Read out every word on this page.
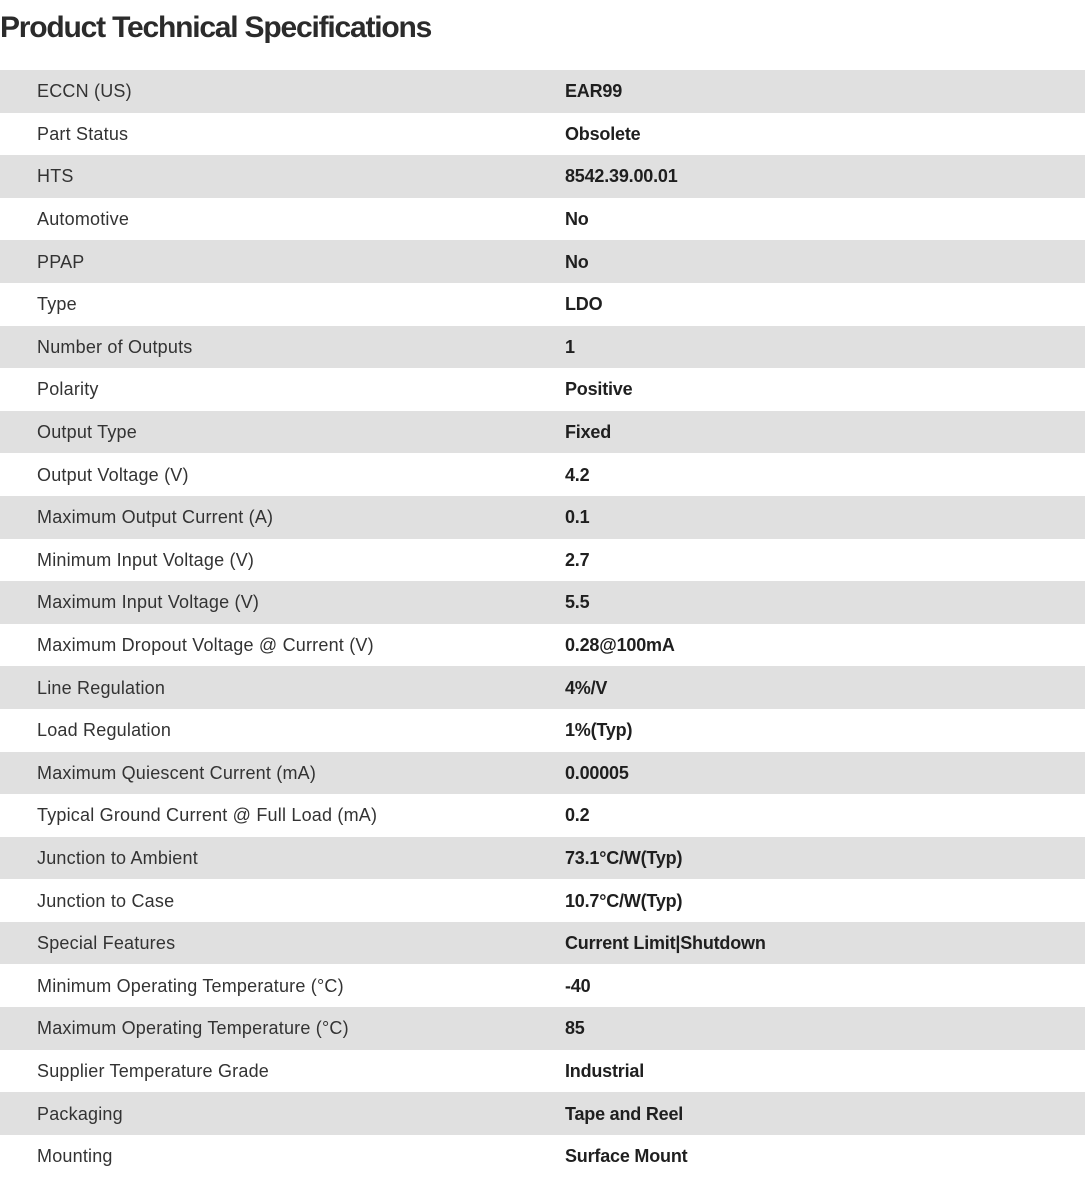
Product Technical Specifications
ECCN (US)	EAR99
Part Status	Obsolete
HTS	8542.39.00.01
Automotive	No
PPAP	No
Type	LDO
Number of Outputs	1
Polarity	Positive
Output Type	Fixed
Output Voltage (V)	4.2
Maximum Output Current (A)	0.1
Minimum Input Voltage (V)	2.7
Maximum Input Voltage (V)	5.5
Maximum Dropout Voltage @ Current (V)	0.28@100mA
Line Regulation	4%/V
Load Regulation	1%(Typ)
Maximum Quiescent Current (mA)	0.00005
Typical Ground Current @ Full Load (mA)	0.2
Junction to Ambient	73.1°C/W(Typ)
Junction to Case	10.7°C/W(Typ)
Special Features	Current Limit|Shutdown
Minimum Operating Temperature (°C)	-40
Maximum Operating Temperature (°C)	85
Supplier Temperature Grade	Industrial
Packaging	Tape and Reel
Mounting	Surface Mount
